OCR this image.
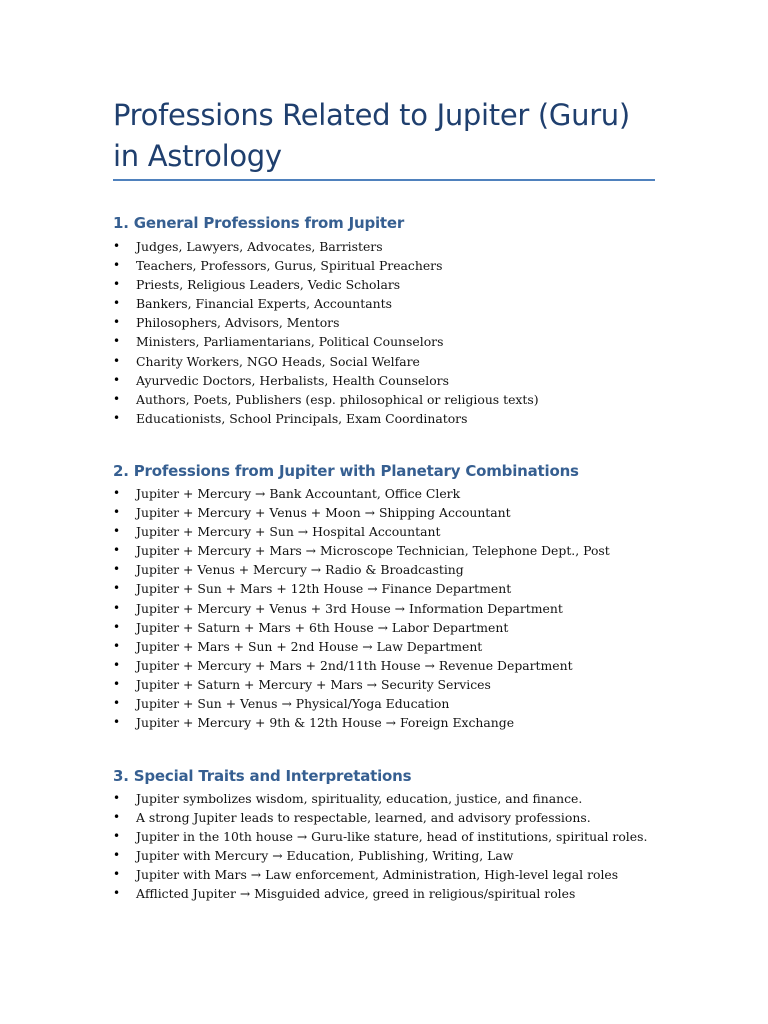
Professions Related to Jupiter (Guru) in Astrology
1. General Professions from Jupiter
• Judges, Lawyers, Advocates, Barristers
• Teachers, Professors, Gurus, Spiritual Preachers
• Priests, Religious Leaders, Vedic Scholars
• Bankers, Financial Experts, Accountants
• Philosophers, Advisors, Mentors
• Ministers, Parliamentarians, Political Counselors
• Charity Workers, NGO Heads, Social Welfare
• Ayurvedic Doctors, Herbalists, Health Counselors
• Authors, Poets, Publishers (esp. philosophical or religious texts)
• Educationists, School Principals, Exam Coordinators
2. Professions from Jupiter with Planetary Combinations
• Jupiter + Mercury → Bank Accountant, Office Clerk
• Jupiter + Mercury + Venus + Moon → Shipping Accountant
• Jupiter + Mercury + Sun → Hospital Accountant
• Jupiter + Mercury + Mars → Microscope Technician, Telephone Dept., Post
• Jupiter + Venus + Mercury → Radio & Broadcasting
• Jupiter + Sun + Mars + 12th House → Finance Department
• Jupiter + Mercury + Venus + 3rd House → Information Department
• Jupiter + Saturn + Mars + 6th House → Labor Department
• Jupiter + Mars + Sun + 2nd House → Law Department
• Jupiter + Mercury + Mars + 2nd/11th House → Revenue Department
• Jupiter + Saturn + Mercury + Mars → Security Services
• Jupiter + Sun + Venus → Physical/Yoga Education
• Jupiter + Mercury + 9th & 12th House → Foreign Exchange
3. Special Traits and Interpretations
• Jupiter symbolizes wisdom, spirituality, education, justice, and finance.
• A strong Jupiter leads to respectable, learned, and advisory professions.
• Jupiter in the 10th house → Guru-like stature, head of institutions, spiritual roles.
• Jupiter with Mercury → Education, Publishing, Writing, Law
• Jupiter with Mars → Law enforcement, Administration, High-level legal roles
• Afflicted Jupiter → Misguided advice, greed in religious/spiritual roles
